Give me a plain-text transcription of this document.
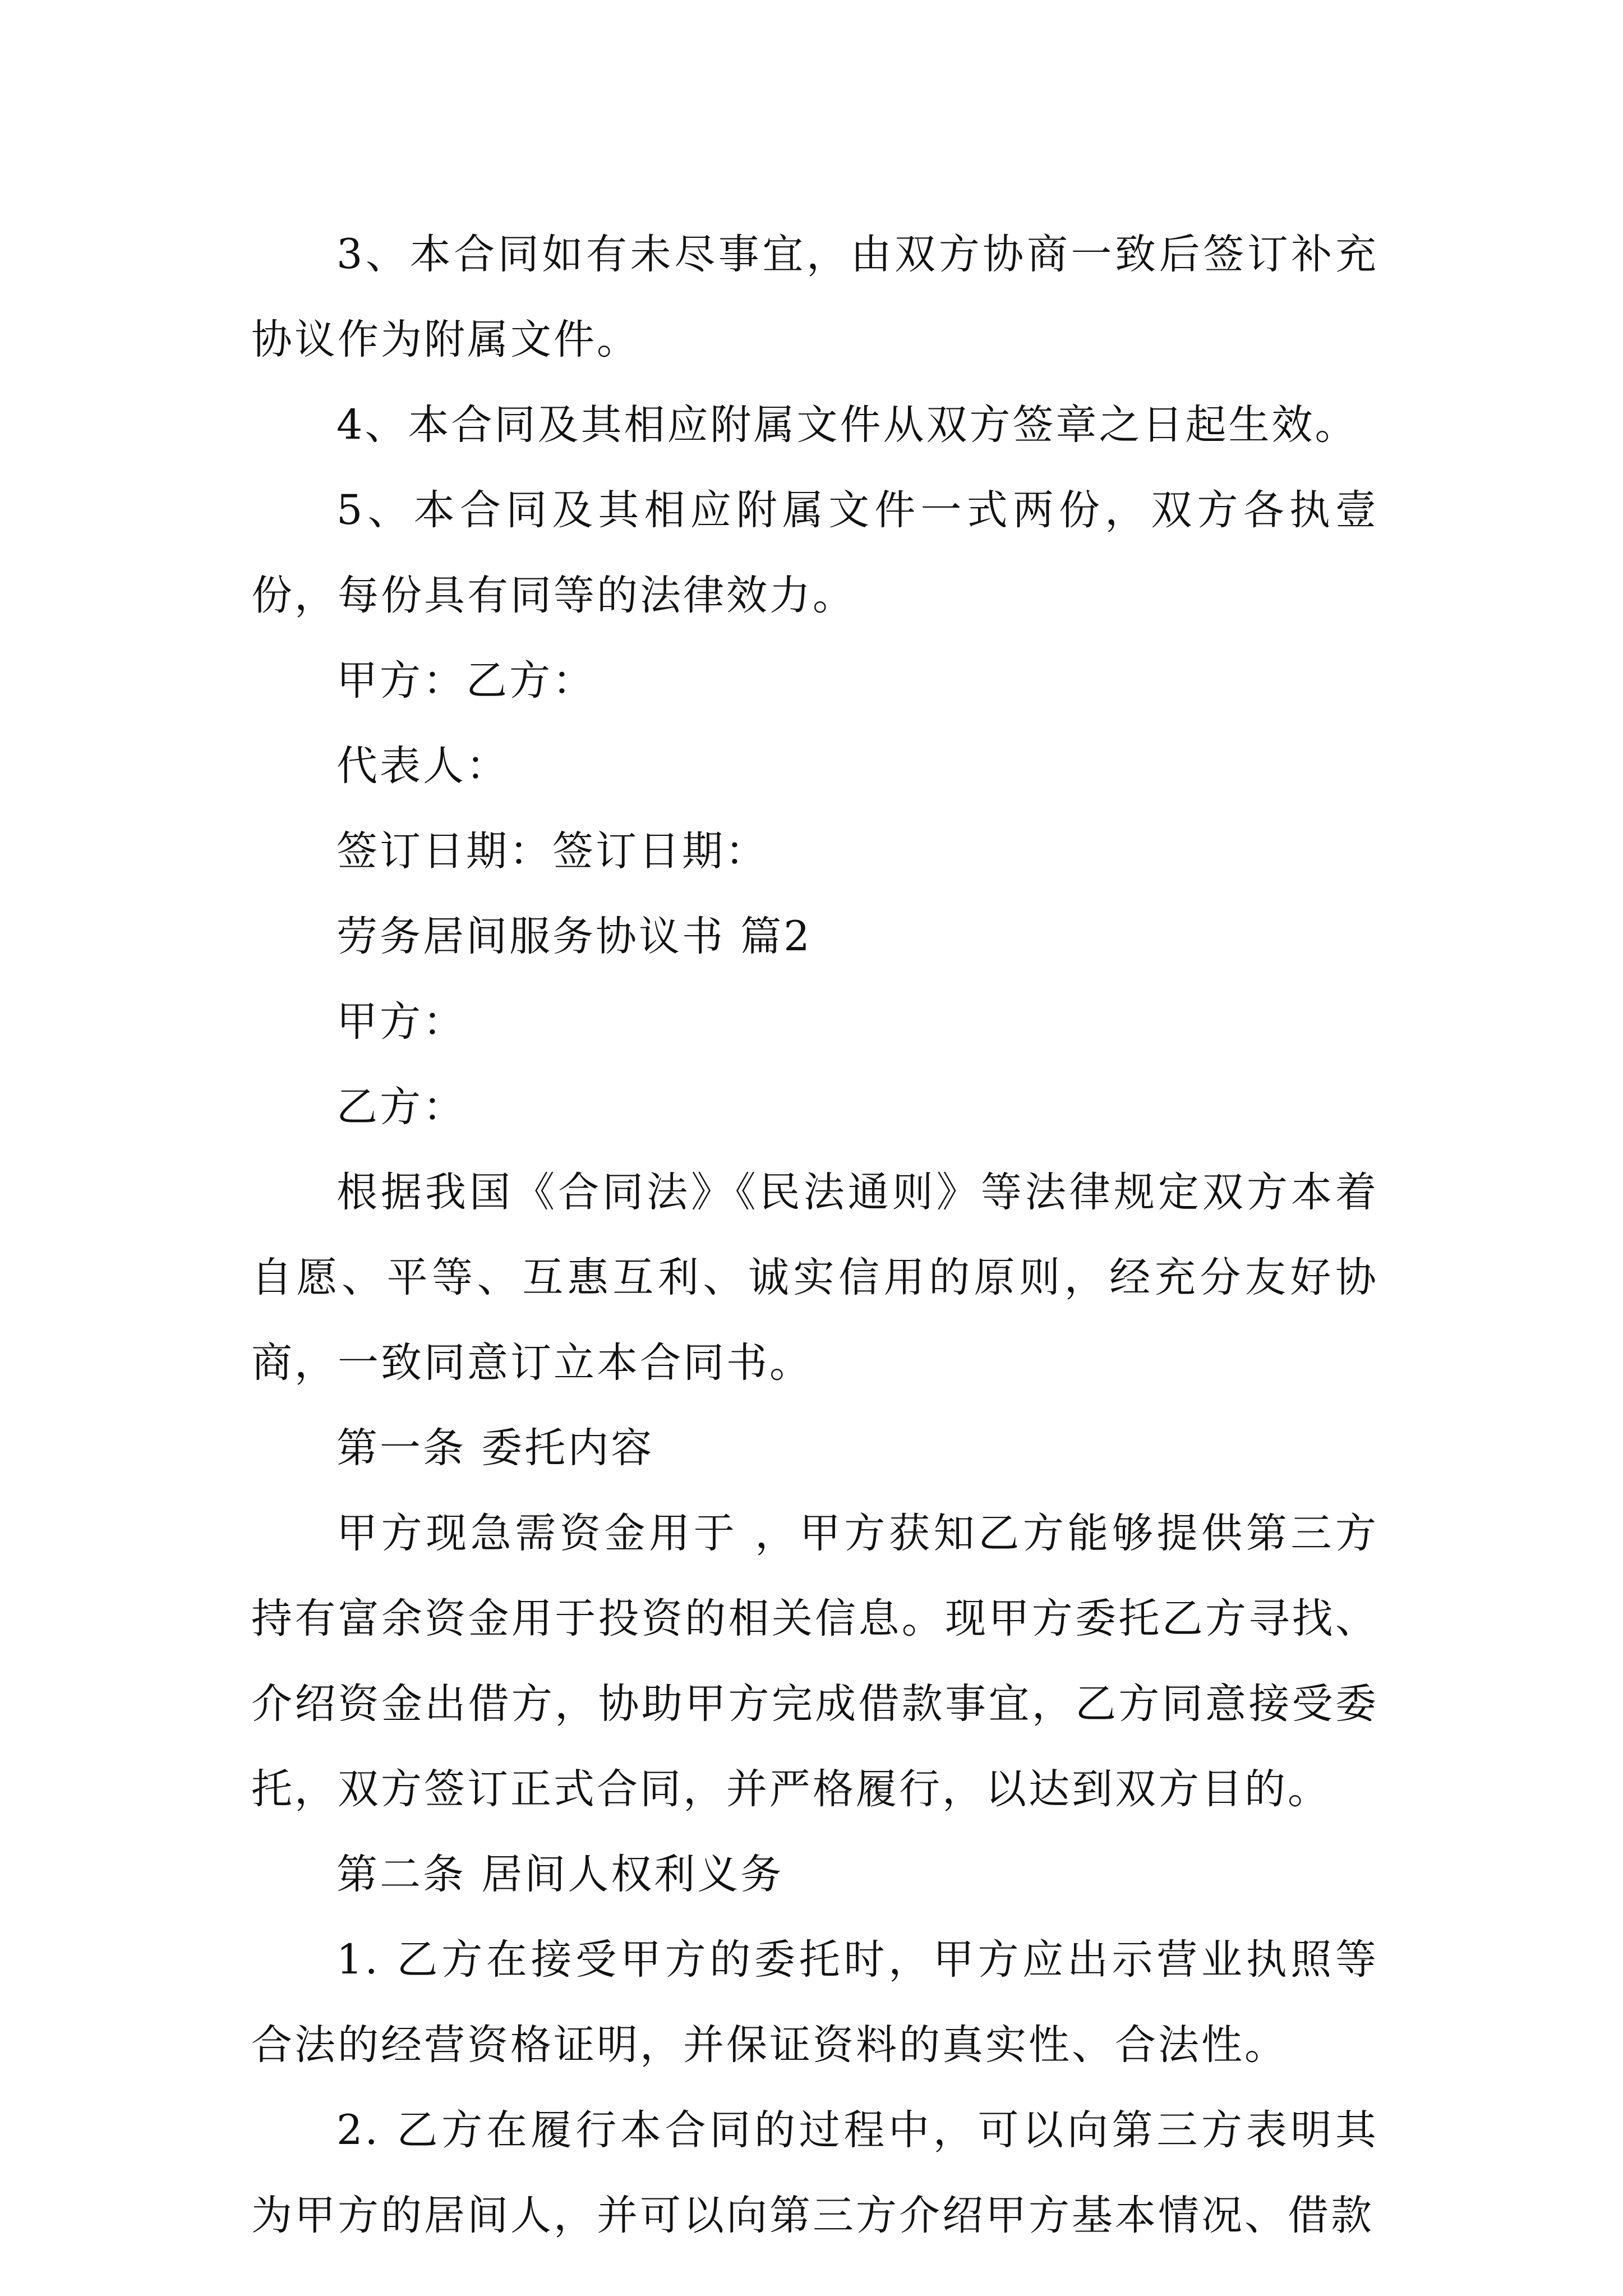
3、本合同如有未尽事宜，由双方协商一致后签订补充协议作为附属文件。

4、本合同及其相应附属文件从双方签章之日起生效。

5、本合同及其相应附属文件一式两份，双方各执壹份，每份具有同等的法律效力。

甲方：乙方：

代表人：

签订日期：签订日期：

劳务居间服务协议书 篇2

甲方：

乙方：

根据我国《合同法》《民法通则》等法律规定双方本着自愿、平等、互惠互利、诚实信用的原则，经充分友好协商，一致同意订立本合同书。

第一条 委托内容

甲方现急需资金用于 ，甲方获知乙方能够提供第三方持有富余资金用于投资的相关信息。现甲方委托乙方寻找、介绍资金出借方，协助甲方完成借款事宜，乙方同意接受委托，双方签订正式合同，并严格履行，以达到双方目的。

第二条 居间人权利义务

1. 乙方在接受甲方的委托时，甲方应出示营业执照等合法的经营资格证明，并保证资料的真实性、合法性。

2. 乙方在履行本合同的过程中，可以向第三方表明其为甲方的居间人，并可以向第三方介绍甲方基本情况、借款
